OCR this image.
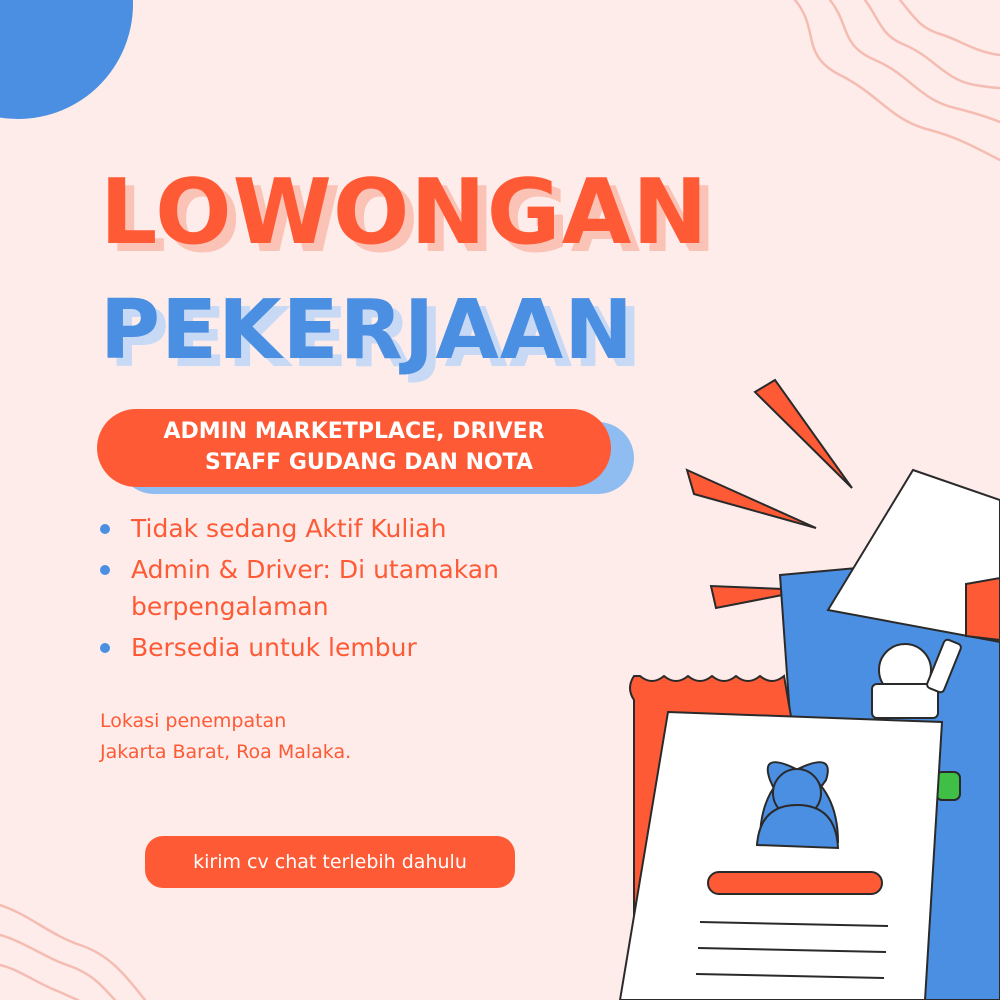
LOWONGAN
PEKERJAAN
ADMIN MARKETPLACE, DRIVER
STAFF GUDANG DAN NOTA
Tidak sedang Aktif Kuliah
Admin & Driver: Di utamakan
berpengalaman
Bersedia untuk lembur
Lokasi penempatan
Jakarta Barat, Roa Malaka.
kirim cv chat terlebih dahulu
